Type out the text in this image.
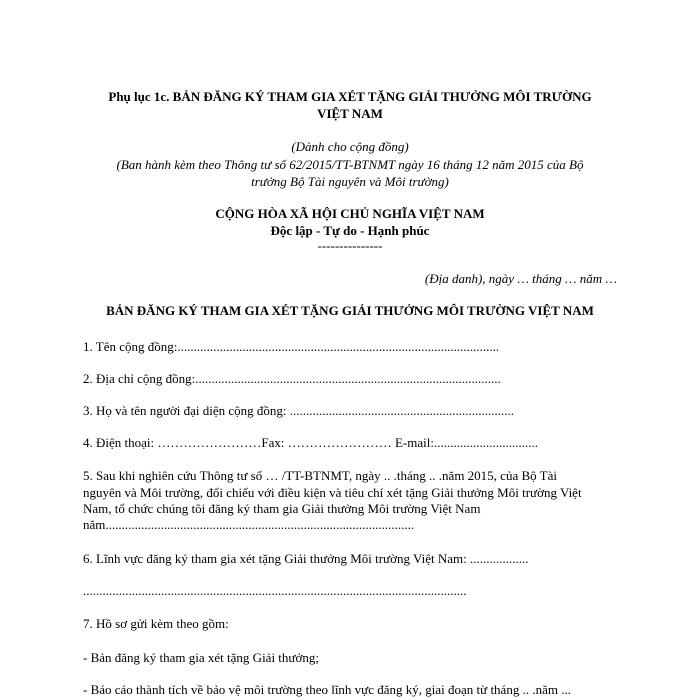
Phụ lục 1c. BẢN ĐĂNG KÝ THAM GIA XÉT TẶNG GIẢI THƯỞNG MÔI TRƯỜNG
VIỆT NAM
(Dành cho cộng đồng)
(Ban hành kèm theo Thông tư số 62/2015/TT-BTNMT ngày 16 tháng 12 năm 2015 của Bộ
trưởng Bộ Tài nguyên và Môi trường)
CỘNG HÒA XÃ HỘI CHỦ NGHĨA VIỆT NAM
Độc lập - Tự do - Hạnh phúc
---------------
(Địa danh), ngày … tháng … năm …
BẢN ĐĂNG KÝ THAM GIA XÉT TẶNG GIẢI THƯỞNG MÔI TRƯỜNG VIỆT NAM
1. Tên cộng đồng:...................................................................................................
2. Địa chỉ cộng đồng:..............................................................................................
3. Họ và tên người đại diện cộng đồng: .....................................................................
4. Điện thoại: ……………………Fax: …………………… E-mail:................................
5. Sau khi nghiên cứu Thông tư số … /TT-BTNMT, ngày .. .tháng .. .năm 2015, của Bộ Tài
nguyên và Môi trường, đối chiếu với điều kiện và tiêu chí xét tặng Giải thưởng Môi trường Việt
Nam, tổ chức chúng tôi đăng ký tham gia Giải thưởng Môi trường Việt Nam
năm...............................................................................................
6. Lĩnh vực đăng ký tham gia xét tặng Giải thưởng Môi trường Việt Nam: ..................
......................................................................................................................
7. Hồ sơ gửi kèm theo gồm:
- Bản đăng ký tham gia xét tặng Giải thưởng;
- Báo cáo thành tích về bảo vệ môi trường theo lĩnh vực đăng ký, giai đoạn từ tháng .. .năm ...
